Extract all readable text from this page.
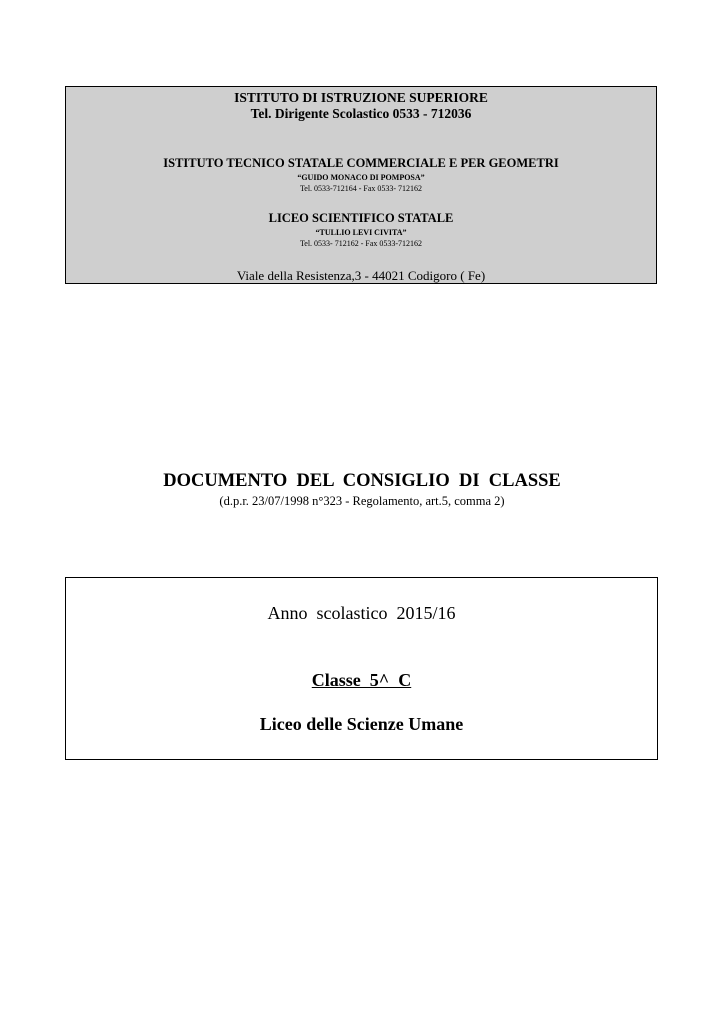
ISTITUTO DI ISTRUZIONE SUPERIORE
Tel. Dirigente Scolastico 0533 - 712036
ISTITUTO TECNICO STATALE COMMERCIALE E PER GEOMETRI
“GUIDO MONACO DI POMPOSA”
Tel. 0533-712164 - Fax 0533- 712162
LICEO SCIENTIFICO STATALE
“TULLIO LEVI CIVITA”
Tel. 0533- 712162 - Fax 0533-712162
Viale della Resistenza,3 - 44021 Codigoro ( Fe)
DOCUMENTO  DEL  CONSIGLIO  DI  CLASSE
(d.p.r. 23/07/1998 n°323 - Regolamento, art.5, comma 2)
Anno  scolastico  2015/16
Classe  5^  C
Liceo delle Scienze Umane
